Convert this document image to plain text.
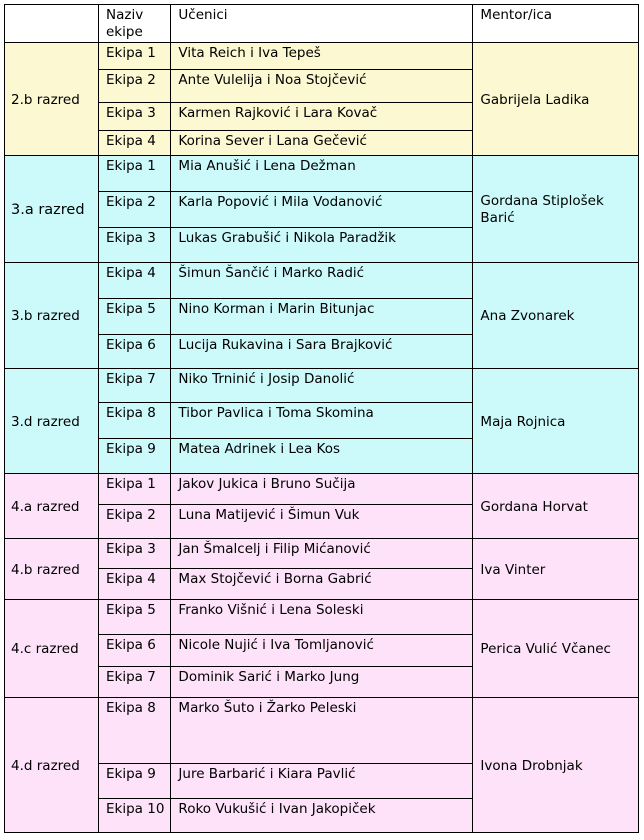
	Naziv ekipe	Učenici	Mentor/ica
2.b razred	Ekipa 1	Vita Reich i Iva Tepeš	Gabrijela Ladika
	Ekipa 2	Ante Vulelija i Noa Stojčević	
	Ekipa 3	Karmen Rajković i Lara Kovač	
	Ekipa 4	Korina Sever i Lana Gečević	
3.a razred	Ekipa 1	Mia Anušić i Lena Dežman	Gordana Stiplošek Barić
	Ekipa 2	Karla Popović i Mila Vodanović	
	Ekipa 3	Lukas Grabušić i Nikola Paradžik	
3.b razred	Ekipa 4	Šimun Šančić i Marko Radić	Ana Zvonarek
	Ekipa 5	Nino Korman i Marin Bitunjac	
	Ekipa 6	Lucija Rukavina i Sara Brajković	
3.d razred	Ekipa 7	Niko Trninić i Josip Danolić	Maja Rojnica
	Ekipa 8	Tibor Pavlica i Toma Skomina	
	Ekipa 9	Matea Adrinek i Lea Kos	
4.a razred	Ekipa 1	Jakov Jukica i Bruno Sučija	Gordana Horvat
	Ekipa 2	Luna Matijević i Šimun Vuk	
4.b razred	Ekipa 3	Jan Šmalcelj i Filip Mićanović	Iva Vinter
	Ekipa 4	Max Stojčević i Borna Gabrić	
4.c razred	Ekipa 5	Franko Višnić i Lena Soleski	Perica Vulić Včanec
	Ekipa 6	Nicole Nujić i Iva Tomljanović	
	Ekipa 7	Dominik Sarić i Marko Jung	
4.d razred	Ekipa 8	Marko Šuto i Žarko Peleski	Ivona Drobnjak
	Ekipa 9	Jure Barbarić i Kiara Pavlić	
	Ekipa 10	Roko Vukušić i Ivan Jakopiček	
